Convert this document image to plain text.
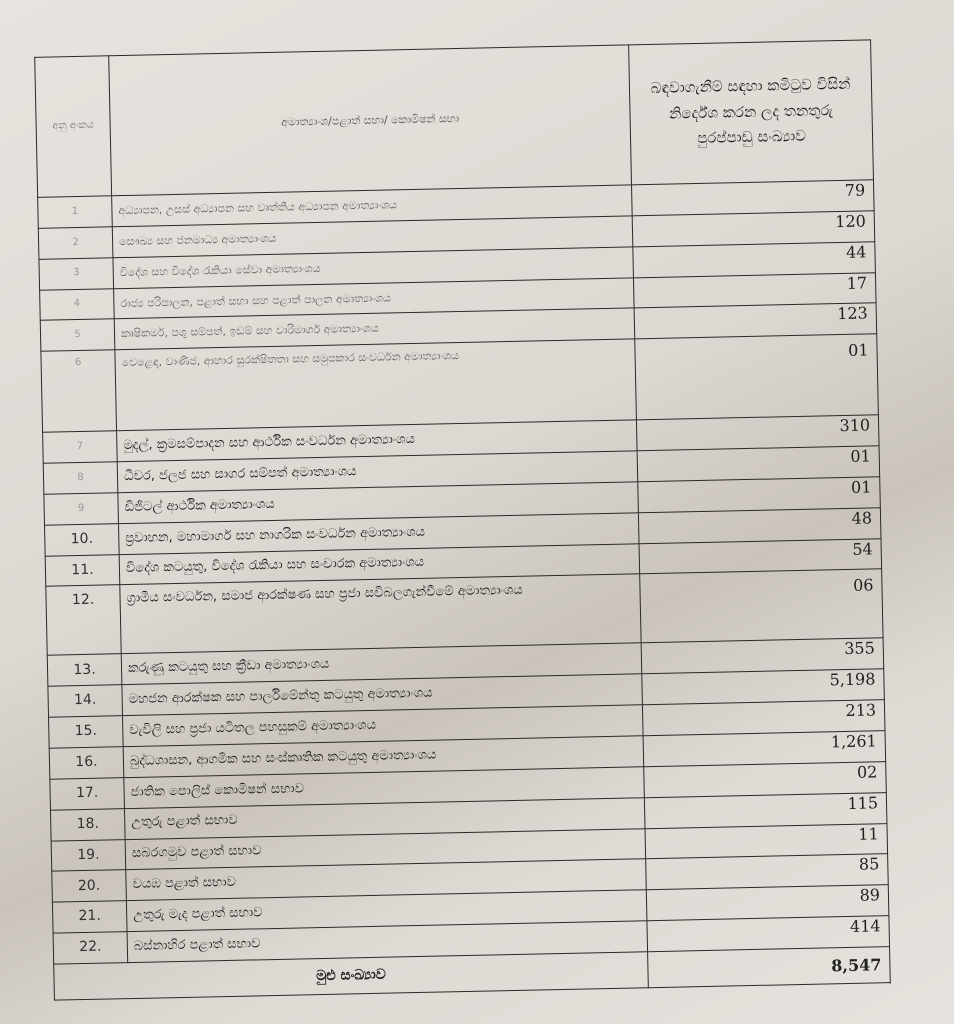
අනු අංකය	අමාත්‍යාංශ/පළාත් සභා/ කොමිෂන් සභා	බඳවාගැනීම් සඳහා කමිටුව විසින් නිර්දේශ කරන ලද තනතුරු පුරප්පාඩු සංඛ්‍යාව
1	අධ්‍යාපන, උසස් අධ්‍යාපන සහ වෘත්තීය අධ්‍යාපන අමාත්‍යාංශය	79
2	සෞඛ්‍ය සහ ජනමාධ්‍ය අමාත්‍යාංශය	120
3	විදේශ සහ විදේශ රැකියා සේවා අමාත්‍යාංශය	44
4	රාජ්‍ය පරිපාලන, පළාත් සභා සහ පළාත් පාලන අමාත්‍යාංශය	17
5	කෘෂිකර්ම, පශු සම්පත්, ඉඩම් සහ වාරිමාර්ග අමාත්‍යාංශය	123
6	වෙළෙඳ, වාණිජ, ආහාර සුරක්ෂිතතා සහ සමුපකාර සංවර්ධන අමාත්‍යාංශය	01
7	මුදල්, ක්‍රමසම්පාදන සහ ආර්ථික සංවර්ධන අමාත්‍යාංශය	310
8	ධීවර, ජලජ සහ සාගර සම්පත් අමාත්‍යාංශය	01
9	ඩිජිටල් ආර්ථික අමාත්‍යාංශය	01
10.	ප්‍රවාහන, මහාමාර්ග සහ නාගරික සංවර්ධන අමාත්‍යාංශය	48
11.	විදේශ කටයුතු, විදේශ රැකියා සහ සංචාරක අමාත්‍යාංශය	54
12.	ග්‍රාමීය සංවර්ධන, සමාජ ආරක්ෂණ සහ ප්‍රජා සවිබලගැන්වීමේ අමාත්‍යාංශය	06
13.	කරුණු කටයුතු සහ ක්‍රීඩා අමාත්‍යාංශය	355
14.	මහජන ආරක්ෂක සහ පාර්ලිමේන්තු කටයුතු අමාත්‍යාංශය	5,198
15.	වැවිලි සහ ප්‍රජා යටිතල පහසුකම් අමාත්‍යාංශය	213
16.	බුද්ධශාසන, ආගමික සහ සංස්කෘතික කටයුතු අමාත්‍යාංශය	1,261
17.	ජාතික පොලිස් කොමිෂන් සභාව	02
18.	උතුරු පළාත් සභාව	115
19.	සබරගමුව පළාත් සභාව	11
20.	වයඹ පළාත් සභාව	85
21.	උතුරු මැද පළාත් සභාව	89
22.	බස්නාහිර පළාත් සභාව	414
මුළු සංඛ්‍යාව		8,547
